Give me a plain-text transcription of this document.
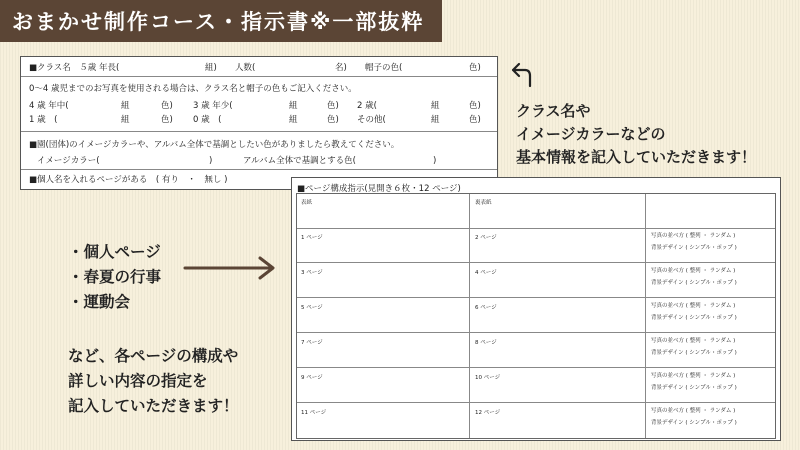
おまかせ制作コース・指示書※一部抜粋
■クラス名　５歳 年長(	組) 人数(	名) 帽子の色(	色)
0～4 歳児までのお写真を使用される場合は、クラス名と帽子の色もご記入ください。
4 歳 年中(	組	色) 3 歳 年少(	組	色) 2 歳(	組	色)
1 歳　(	組	色) 0 歳　(	組	色) その他(	組	色)
■園(団体)のイメージカラーや、アルバム全体で基調としたい色がありましたら教えてください。
イメージカラー(	)	アルバム全体で基調とする色(	)
■個人名を入れるページがある　( 有り　・　無し )
クラス名や
イメージカラーなどの
基本情報を記入していただきます！
・個人ページ
・春夏の行事
・運動会
など、各ページの構成や
詳しい内容の指定を
記入していただきます！
■ページ構成指示(見開き６枚・12 ページ)
表紙	裏表紙
1 ページ	2 ページ	写真の並べ方 ( 整列 ・ ランダム )
背景デザイン ( シンプル・ポップ )
3 ページ	4 ページ	写真の並べ方 ( 整列 ・ ランダム )
背景デザイン ( シンプル・ポップ )
5 ページ	6 ページ	写真の並べ方 ( 整列 ・ ランダム )
背景デザイン ( シンプル・ポップ )
7 ページ	8 ページ	写真の並べ方 ( 整列 ・ ランダム )
背景デザイン ( シンプル・ポップ )
9 ページ	10 ページ	写真の並べ方 ( 整列 ・ ランダム )
背景デザイン ( シンプル・ポップ )
11 ページ	12 ページ	写真の並べ方 ( 整列 ・ ランダム )
背景デザイン ( シンプル・ポップ )
